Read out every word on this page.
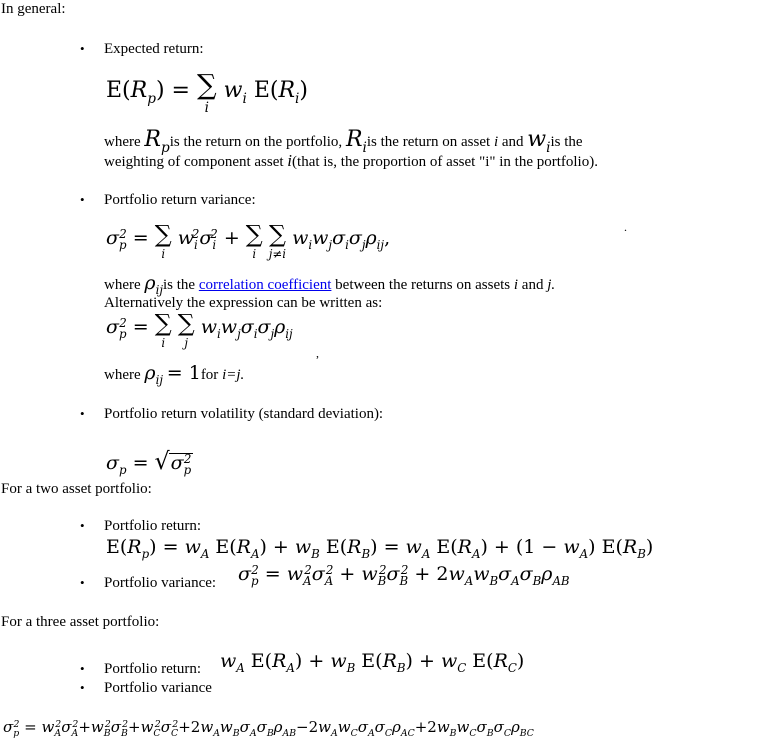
In general:
• Expected return:
$E(R_p)$ = ∑
i
$w_i$ $E(R_i)$
where $R_pis$ the return on the portfolio, $R_iis$ the return on asset i and $w_iis$ the
weighting of component asset i(that is, the proportion of asset "i" in the portfolio).
• Portfolio return variance:
$\sigma_p^2$ = ∑
i
$w_i^2\sigma_i^2$ + ∑
i

∑
j≠i
$w_iw_j\sigma_i\sigma_j\rho_{ij}$,
where $\rho_{ij}is$ the correlation coefficient between the returns on assets i and j.
Alternatively the expression can be written as:
$\sigma_p^2$ = ∑
i

∑
j
$w_iw_j\sigma_i\sigma_j\rho_{ij}$
,
.
where $\rho_{ij} = 1for$ i=j.
• Portfolio return volatility (standard deviation):
$\sigma_p = √\sigma_p^2$
For a two asset portfolio:
• Portfolio return:
$E(R_p) = w_A$ $E(R_A) + w_B$ $E(R_B) = w_A$ $E(R_A) + (1 - w_A)$ $E(R_B)$
• Portfolio variance: $\sigma_p^2 = w_A^2\sigma_A^2 + w_B^2\sigma_B^2 + 2w_Aw_B\sigma_A\sigma_B\rho_{AB}$
For a three asset portfolio:
• Portfolio return: $w_A$ $E(R_A) + w_B$ $E(R_B) + w_C$ $E(R_C)$
• Portfolio variance
$\sigma_p^2 = w_A^2\sigma_A^2+w_B^2\sigma_B^2+w_C^2\sigma_C^2+2w_Aw_B\sigma_A\sigma_B\rho_{AB}-2w_Aw_C\sigma_A\sigma_C\rho_{AC}+2w_Bw_C\sigma_B\sigma_C\rho_{BC}$
